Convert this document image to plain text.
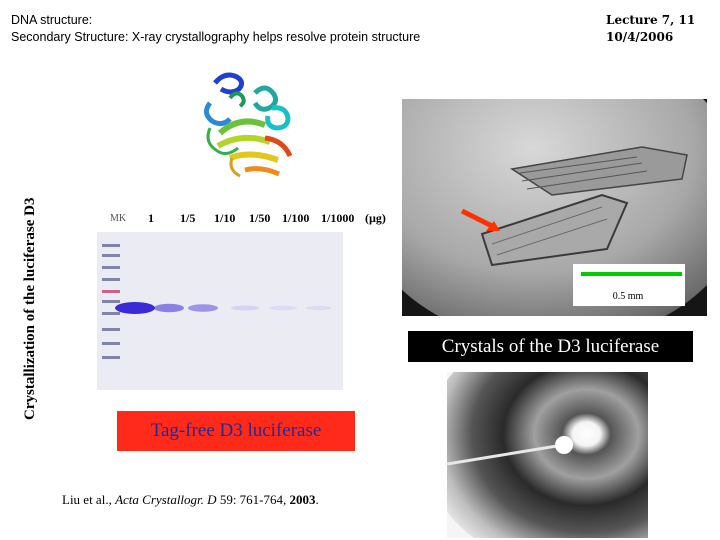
DNA structure:
Secondary Structure: X-ray crystallography helps resolve protein structure
Lecture 7, 11
10/4/2006
Crystallization of the luciferase D3	MK 1 1/5 1/10 1/50 1/100 1/1000 (µg)
Tag-free D3 luciferase
Liu et al., Acta Crystallogr. D 59: 761-764, 2003.
0.5 mm
Crystals of the D3 luciferase
